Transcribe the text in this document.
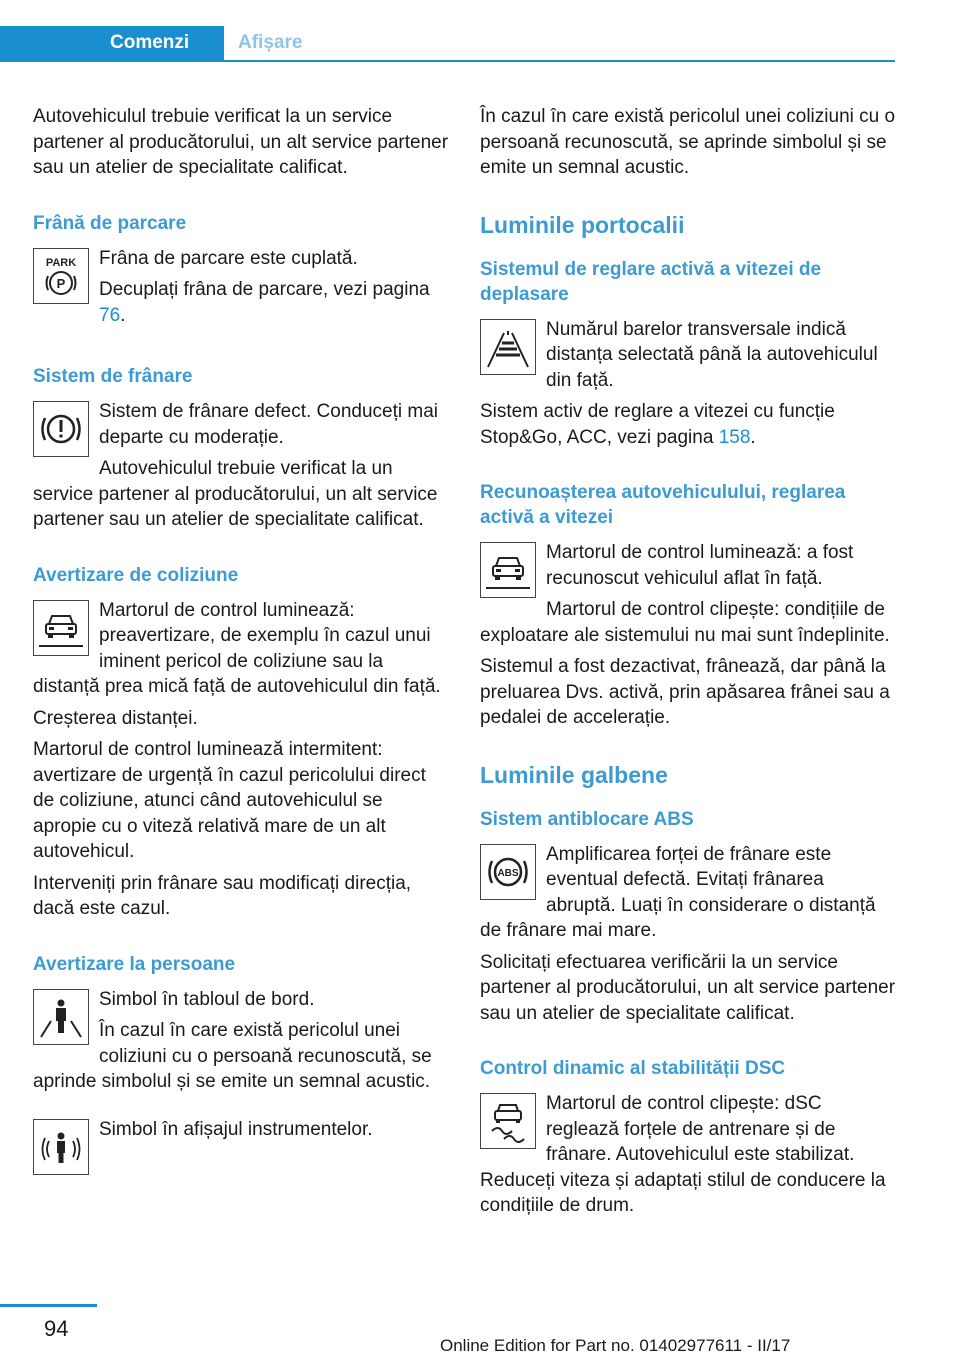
Comenzi	Afișare

Autovehiculul trebuie verificat la un service partener al producătorului, un alt service partener sau un atelier de specialitate calificat.

Frână de parcare
PARK
P

Frâna de parcare este cuplată.

Decuplați frâna de parcare, vezi pagina 76.

Sistem de frânare

Sistem de frânare defect. Conduceți mai departe cu moderație.

Autovehiculul trebuie verificat la un service partener al producătorului, un alt service partener sau un atelier de specialitate calificat.

Avertizare de coliziune

Martorul de control luminează: preavertizare, de exemplu în cazul unui iminent pericol de coliziune sau la distanță prea mică față de autovehiculul din față.

Creșterea distanței.

Martorul de control luminează intermitent: avertizare de urgență în cazul pericolului direct de coliziune, atunci când autovehiculul se apropie cu o viteză relativă mare de un alt autovehicul.

Interveniți prin frânare sau modificați direcția, dacă este cazul.

Avertizare la persoane

Simbol în tabloul de bord.

În cazul în care există pericolul unei coliziuni cu o persoană recunoscută, se aprinde simbolul și se emite un semnal acustic.

Simbol în afișajul instrumentelor.

În cazul în care există pericolul unei coliziuni cu o persoană recunoscută, se aprinde simbolul și se emite un semnal acustic.

Luminile portocalii
Sistemul de reglare activă a vitezei de deplasare

Numărul barelor transversale indică distanța selectată până la autovehiculul din față.

Sistem activ de reglare a vitezei cu funcție Stop&Go, ACC, vezi pagina 158.

Recunoașterea autovehiculului, reglarea activă a vitezei

Martorul de control luminează: a fost recunoscut vehiculul aflat în față.

Martorul de control clipește: condițiile de exploatare ale sistemului nu mai sunt îndeplinite.

Sistemul a fost dezactivat, frânează, dar până la preluarea Dvs. activă, prin apăsarea frânei sau a pedalei de accelerație.

Luminile galbene
Sistem antiblocare ABS
ABS

Amplificarea forței de frânare este eventual defectă. Evitați frânarea abruptă. Luați în considerare o distanță de frânare mai mare.

Solicitați efectuarea verificării la un service partener al producătorului, un alt service partener sau un atelier de specialitate calificat.

Control dinamic al stabilității DSC

Martorul de control clipește: dSC reglează forțele de antrenare și de frânare. Autovehiculul este stabilizat. Reduceți viteza și adaptați stilul de conducere la condițiile de drum.

94
Online Edition for Part no. 01402977611 - II/17
